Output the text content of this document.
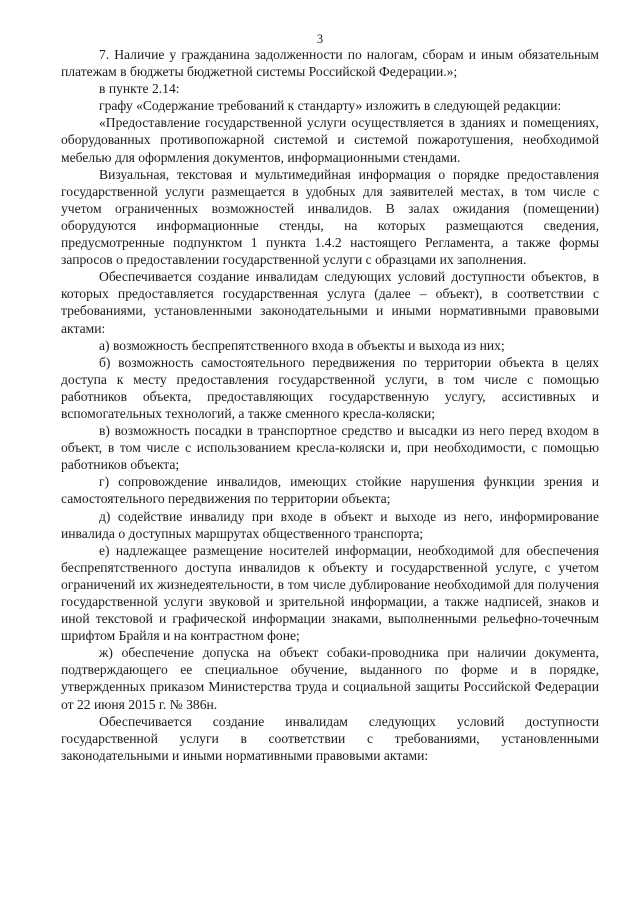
3

7. Наличие у гражданина задолженности по налогам, сборам и иным обязательным платежам в бюджеты бюджетной системы Российской Федерации.»;

в пункте 2.14:

графу «Содержание требований к стандарту» изложить в следующей редакции:

«Предоставление государственной услуги осуществляется в зданиях и помещениях, оборудованных противопожарной системой и системой пожаротушения, необходимой мебелью для оформления документов, информационными стендами.

Визуальная, текстовая и мультимедийная информация о порядке предоставления государственной услуги размещается в удобных для заявителей местах, в том числе с учетом ограниченных возможностей инвалидов. В залах ожидания (помещении) оборудуются информационные стенды, на которых размещаются сведения, предусмотренные подпунктом 1 пункта 1.4.2 настоящего Регламента, а также формы запросов о предоставлении государственной услуги с образцами их заполнения.

Обеспечивается создание инвалидам следующих условий доступности объектов, в которых предоставляется государственная услуга (далее – объект), в соответствии с требованиями, установленными законодательными и иными нормативными правовыми актами:

а) возможность беспрепятственного входа в объекты и выхода из них;

б) возможность самостоятельного передвижения по территории объекта в целях доступа к месту предоставления государственной услуги, в том числе с помощью работников объекта, предоставляющих государственную услугу, ассистивных и вспомогательных технологий, а также сменного кресла-коляски;

в) возможность посадки в транспортное средство и высадки из него перед входом в объект, в том числе с использованием кресла-коляски и, при необходимости, с помощью работников объекта;

г) сопровождение инвалидов, имеющих стойкие нарушения функции зрения и самостоятельного передвижения по территории объекта;

д) содействие инвалиду при входе в объект и выходе из него, информирование инвалида о доступных маршрутах общественного транспорта;

е) надлежащее размещение носителей информации, необходимой для обеспечения беспрепятственного доступа инвалидов к объекту и государственной услуге, с учетом ограничений их жизнедеятельности, в том числе дублирование необходимой для получения государственной услуги звуковой и зрительной информации, а также надписей, знаков и иной текстовой и графической информации знаками, выполненными рельефно-точечным шрифтом Брайля и на контрастном фоне;

ж) обеспечение допуска на объект собаки-проводника при наличии документа, подтверждающего ее специальное обучение, выданного по форме и в порядке, утвержденных приказом Министерства труда и социальной защиты Российской Федерации от 22 июня 2015 г. № 386н.

Обеспечивается создание инвалидам следующих условий доступности государственной услуги в соответствии с требованиями, установленными законодательными и иными нормативными правовыми актами:
